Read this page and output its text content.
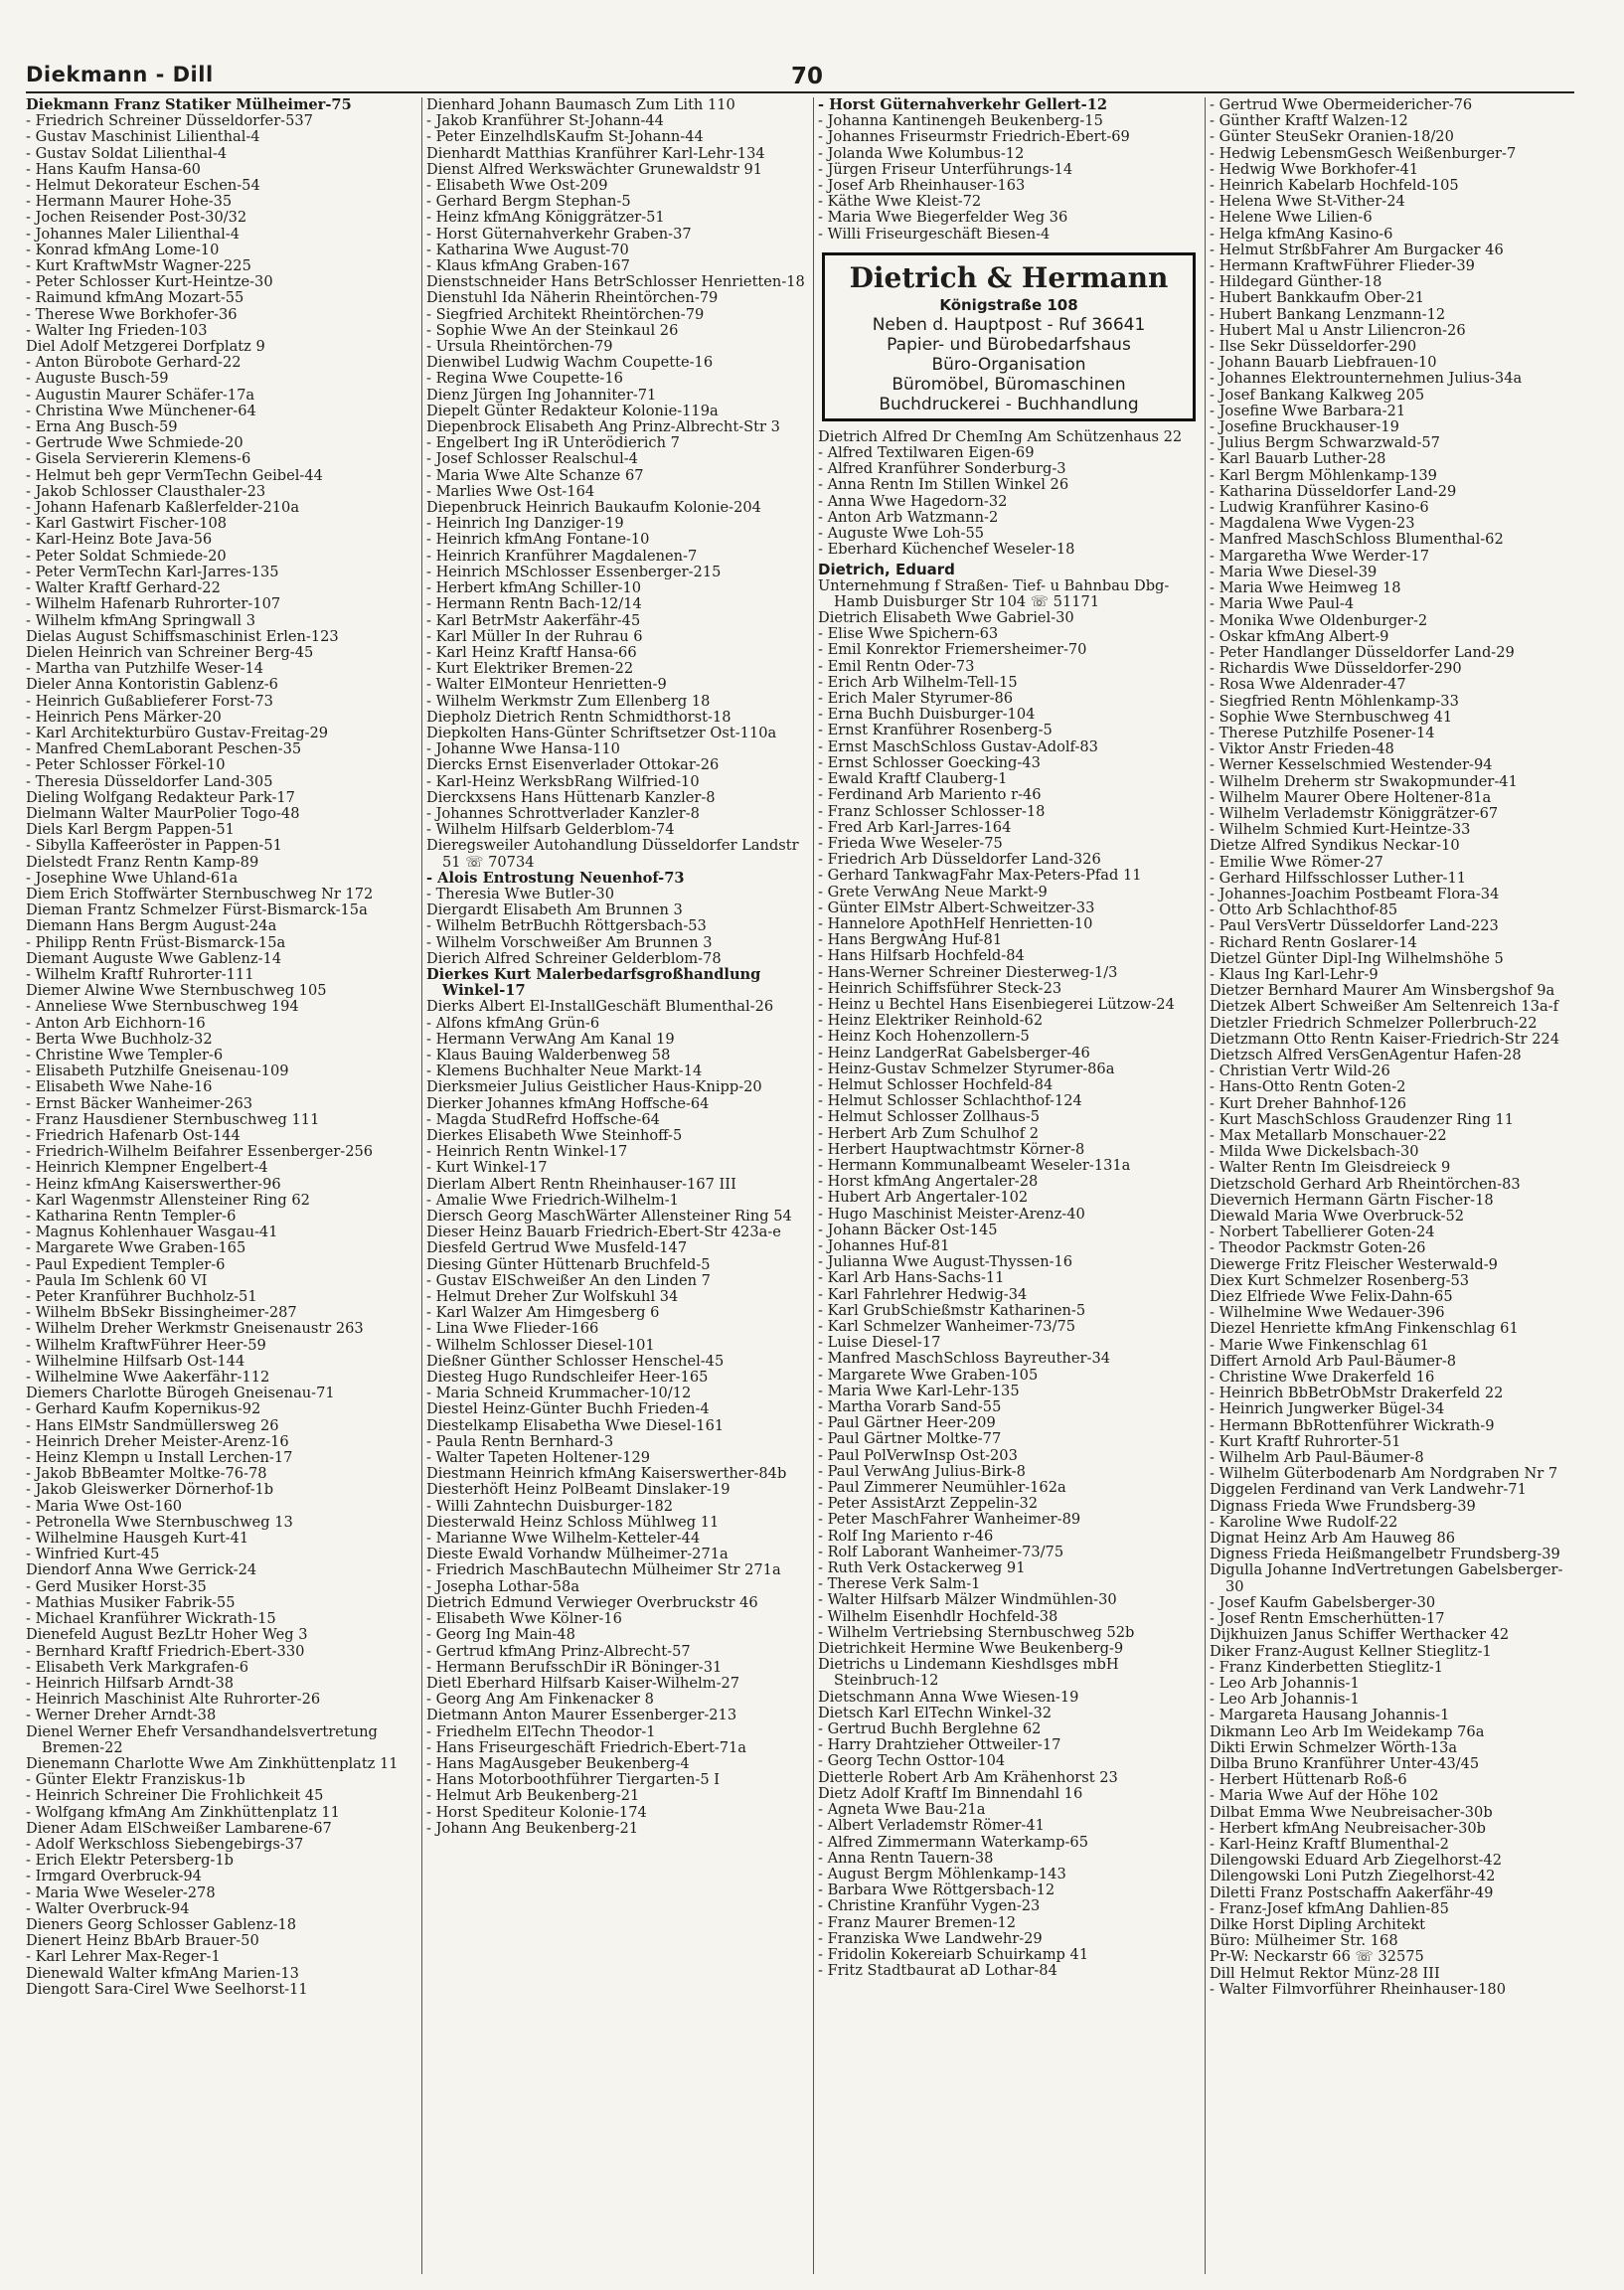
Diekmann - Dill	70
Diekmann Franz Statiker Mülheimer-75
- Friedrich Schreiner Düsseldorfer-537
- Gustav Maschinist Lilienthal-4
- Gustav Soldat Lilienthal-4
- Hans Kaufm Hansa-60
- Helmut Dekorateur Eschen-54
- Hermann Maurer Hohe-35
- Jochen Reisender Post-30/32
- Johannes Maler Lilienthal-4
- Konrad kfmAng Lome-10
- Kurt KraftwMstr Wagner-225
- Peter Schlosser Kurt-Heintze-30
- Raimund kfmAng Mozart-55
- Therese Wwe Borkhofer-36
- Walter Ing Frieden-103
Diel Adolf Metzgerei Dorfplatz 9
- Anton Bürobote Gerhard-22
- Auguste Busch-59
- Augustin Maurer Schäfer-17a
- Christina Wwe Münchener-64
- Erna Ang Busch-59
- Gertrude Wwe Schmiede-20
- Gisela Serviererin Klemens-6
- Helmut beh gepr VermTechn Geibel-44
- Jakob Schlosser Clausthaler-23
- Johann Hafenarb Kaßlerfelder-210a
- Karl Gastwirt Fischer-108
- Karl-Heinz Bote Java-56
- Peter Soldat Schmiede-20
- Peter VermTechn Karl-Jarres-135
- Walter Kraftf Gerhard-22
- Wilhelm Hafenarb Ruhrorter-107
- Wilhelm kfmAng Springwall 3
Dielas August Schiffsmaschinist Erlen-123
Dielen Heinrich van Schreiner Berg-45
- Martha van Putzhilfe Weser-14
Dieler Anna Kontoristin Gablenz-6
- Heinrich Gußablieferer Forst-73
- Heinrich Pens Märker-20
- Karl Architekturbüro Gustav-Freitag-29
- Manfred ChemLaborant Peschen-35
- Peter Schlosser Förkel-10
- Theresia Düsseldorfer Land-305
Dieling Wolfgang Redakteur Park-17
Dielmann Walter MaurPolier Togo-48
Diels Karl Bergm Pappen-51
- Sibylla Kaffeeröster in Pappen-51
Dielstedt Franz Rentn Kamp-89
- Josephine Wwe Uhland-61a
Diem Erich Stoffwärter Sternbuschweg Nr 172
Dieman Frantz Schmelzer Fürst-Bismarck-15a
Diemann Hans Bergm August-24a
- Philipp Rentn Früst-Bismarck-15a
Diemant Auguste Wwe Gablenz-14
- Wilhelm Kraftf Ruhrorter-111
Diemer Alwine Wwe Sternbuschweg 105
- Anneliese Wwe Sternbuschweg 194
- Anton Arb Eichhorn-16
- Berta Wwe Buchholz-32
- Christine Wwe Templer-6
- Elisabeth Putzhilfe Gneisenau-109
- Elisabeth Wwe Nahe-16
- Ernst Bäcker Wanheimer-263
- Franz Hausdiener Sternbuschweg 111
- Friedrich Hafenarb Ost-144
- Friedrich-Wilhelm Beifahrer Essenberger-256
- Heinrich Klempner Engelbert-4
- Heinz kfmAng Kaiserswerther-96
- Karl Wagenmstr Allensteiner Ring 62
- Katharina Rentn Templer-6
- Magnus Kohlenhauer Wasgau-41
- Margarete Wwe Graben-165
- Paul Expedient Templer-6
- Paula Im Schlenk 60 VI
- Peter Kranführer Buchholz-51
- Wilhelm BbSekr Bissingheimer-287
- Wilhelm Dreher Werkmstr Gneisenaustr 263
- Wilhelm KraftwFührer Heer-59
- Wilhelmine Hilfsarb Ost-144
- Wilhelmine Wwe Aakerfähr-112
Diemers Charlotte Bürogeh Gneisenau-71
- Gerhard Kaufm Kopernikus-92
- Hans ElMstr Sandmüllersweg 26
- Heinrich Dreher Meister-Arenz-16
- Heinz Klempn u Install Lerchen-17
- Jakob BbBeamter Moltke-76-78
- Jakob Gleiswerker Dörnerhof-1b
- Maria Wwe Ost-160
- Petronella Wwe Sternbuschweg 13
- Wilhelmine Hausgeh Kurt-41
- Winfried Kurt-45
Diendorf Anna Wwe Gerrick-24
- Gerd Musiker Horst-35
- Mathias Musiker Fabrik-55
- Michael Kranführer Wickrath-15
Dienefeld August BezLtr Hoher Weg 3
- Bernhard Kraftf Friedrich-Ebert-330
- Elisabeth Verk Markgrafen-6
- Heinrich Hilfsarb Arndt-38
- Heinrich Maschinist Alte Ruhrorter-26
- Werner Dreher Arndt-38
Dienel Werner Ehefr Versandhandelsvertretung Bremen-22
Dienemann Charlotte Wwe Am Zinkhüttenplatz 11
- Günter Elektr Franziskus-1b
- Heinrich Schreiner Die Frohlichkeit 45
- Wolfgang kfmAng Am Zinkhüttenplatz 11
Diener Adam ElSchweißer Lambarene-67
- Adolf Werkschloss Siebengebirgs-37
- Erich Elektr Petersberg-1b
- Irmgard Overbruck-94
- Maria Wwe Weseler-278
- Walter Overbruck-94
Dieners Georg Schlosser Gablenz-18
Dienert Heinz BbArb Brauer-50
- Karl Lehrer Max-Reger-1
Dienewald Walter kfmAng Marien-13
Diengott Sara-Cirel Wwe Seelhorst-11
Dienhard Johann Baumasch Zum Lith 110
- Jakob Kranführer St-Johann-44
- Peter EinzelhdlsKaufm St-Johann-44
Dienhardt Matthias Kranführer Karl-Lehr-134
Dienst Alfred Werkswächter Grunewaldstr 91
- Elisabeth Wwe Ost-209
- Gerhard Bergm Stephan-5
- Heinz kfmAng Königgrätzer-51
- Horst Güternahverkehr Graben-37
- Katharina Wwe August-70
- Klaus kfmAng Graben-167
Dienstschneider Hans BetrSchlosser Henrietten-18
Dienstuhl Ida Näherin Rheintörchen-79
- Siegfried Architekt Rheintörchen-79
- Sophie Wwe An der Steinkaul 26
- Ursula Rheintörchen-79
Dienwibel Ludwig Wachm Coupette-16
- Regina Wwe Coupette-16
Dienz Jürgen Ing Johanniter-71
Diepelt Günter Redakteur Kolonie-119a
Diepenbrock Elisabeth Ang Prinz-Albrecht-Str 3
- Engelbert Ing iR Unterödierich 7
- Josef Schlosser Realschul-4
- Maria Wwe Alte Schanze 67
- Marlies Wwe Ost-164
Diepenbruck Heinrich Baukaufm Kolonie-204
- Heinrich Ing Danziger-19
- Heinrich kfmAng Fontane-10
- Heinrich Kranführer Magdalenen-7
- Heinrich MSchlosser Essenberger-215
- Herbert kfmAng Schiller-10
- Hermann Rentn Bach-12/14
- Karl BetrMstr Aakerfähr-45
- Karl Müller In der Ruhrau 6
- Karl Heinz Kraftf Hansa-66
- Kurt Elektriker Bremen-22
- Walter ElMonteur Henrietten-9
- Wilhelm Werkmstr Zum Ellenberg 18
Diepholz Dietrich Rentn Schmidthorst-18
Diepkolten Hans-Günter Schriftsetzer Ost-110a
- Johanne Wwe Hansa-110
Diercks Ernst Eisenverlader Ottokar-26
- Karl-Heinz WerksbRang Wilfried-10
Dierckxsens Hans Hüttenarb Kanzler-8
- Johannes Schrottverlader Kanzler-8
- Wilhelm Hilfsarb Gelderblom-74
Dieregsweiler Autohandlung Düsseldorfer Landstr 51 ☏ 70734
- Alois Entrostung Neuenhof-73
- Theresia Wwe Butler-30
Diergardt Elisabeth Am Brunnen 3
- Wilhelm BetrBuchh Röttgersbach-53
- Wilhelm Vorschweißer Am Brunnen 3
Dierich Alfred Schreiner Gelderblom-78
Dierkes Kurt Malerbedarfsgroßhandlung Winkel-17
Dierks Albert El-InstallGeschäft Blumenthal-26
- Alfons kfmAng Grün-6
- Hermann VerwAng Am Kanal 19
- Klaus Bauing Walderbenweg 58
- Klemens Buchhalter Neue Markt-14
Dierksmeier Julius Geistlicher Haus-Knipp-20
Dierker Johannes kfmAng Hoffsche-64
- Magda StudRefrd Hoffsche-64
Dierkes Elisabeth Wwe Steinhoff-5
- Heinrich Rentn Winkel-17
- Kurt Winkel-17
Dierlam Albert Rentn Rheinhauser-167 III
- Amalie Wwe Friedrich-Wilhelm-1
Diersch Georg MaschWärter Allensteiner Ring 54
Dieser Heinz Bauarb Friedrich-Ebert-Str 423a-e
Diesfeld Gertrud Wwe Musfeld-147
Diesing Günter Hüttenarb Bruchfeld-5
- Gustav ElSchweißer An den Linden 7
- Helmut Dreher Zur Wolfskuhl 34
- Karl Walzer Am Himgesberg 6
- Lina Wwe Flieder-166
- Wilhelm Schlosser Diesel-101
Dießner Günther Schlosser Henschel-45
Diesteg Hugo Rundschleifer Heer-165
- Maria Schneid Krummacher-10/12
Diestel Heinz-Günter Buchh Frieden-4
Diestelkamp Elisabetha Wwe Diesel-161
- Paula Rentn Bernhard-3
- Walter Tapeten Holtener-129
Diestmann Heinrich kfmAng Kaiserswerther-84b
Diesterhöft Heinz PolBeamt Dinslaker-19
- Willi Zahntechn Duisburger-182
Diesterwald Heinz Schloss Mühlweg 11
- Marianne Wwe Wilhelm-Ketteler-44
Dieste Ewald Vorhandw Mülheimer-271a
- Friedrich MaschBautechn Mülheimer Str 271a
- Josepha Lothar-58a
Dietrich Edmund Verwieger Overbruckstr 46
- Elisabeth Wwe Kölner-16
- Georg Ing Main-48
- Gertrud kfmAng Prinz-Albrecht-57
- Hermann BerufsschDir iR Böninger-31
Dietl Eberhard Hilfsarb Kaiser-Wilhelm-27
- Georg Ang Am Finkenacker 8
Dietmann Anton Maurer Essenberger-213
- Friedhelm ElTechn Theodor-1
- Hans Friseurgeschäft Friedrich-Ebert-71a
- Hans MagAusgeber Beukenberg-4
- Hans Motorboothführer Tiergarten-5 I
- Helmut Arb Beukenberg-21
- Horst Spediteur Kolonie-174
- Johann Ang Beukenberg-21
- Horst Güternahverkehr Gellert-12
- Johanna Kantinengeh Beukenberg-15
- Johannes Friseurmstr Friedrich-Ebert-69
- Jolanda Wwe Kolumbus-12
- Jürgen Friseur Unterführungs-14
- Josef Arb Rheinhauser-163
- Käthe Wwe Kleist-72
- Maria Wwe Biegerfelder Weg 36
- Willi Friseurgeschäft Biesen-4
Dietrich & Hermann
Königstraße 108
Neben d. Hauptpost - Ruf 36641
Papier- und Bürobedarfshaus
Büro-Organisation
Büromöbel, Büromaschinen
Buchdruckerei - Buchhandlung
Dietrich Alfred Dr ChemIng Am Schützenhaus 22
- Alfred Textilwaren Eigen-69
- Alfred Kranführer Sonderburg-3
- Anna Rentn Im Stillen Winkel 26
- Anna Wwe Hagedorn-32
- Anton Arb Watzmann-2
- Auguste Wwe Loh-55
- Eberhard Küchenchef Weseler-18
Dietrich, Eduard
Unternehmung f Straßen- Tief- u Bahnbau Dbg-Hamb Duisburger Str 104 ☏ 51171
Dietrich Elisabeth Wwe Gabriel-30
- Elise Wwe Spichern-63
- Emil Konrektor Friemersheimer-70
- Emil Rentn Oder-73
- Erich Arb Wilhelm-Tell-15
- Erich Maler Styrumer-86
- Erna Buchh Duisburger-104
- Ernst Kranführer Rosenberg-5
- Ernst MaschSchloss Gustav-Adolf-83
- Ernst Schlosser Goecking-43
- Ewald Kraftf Clauberg-1
- Ferdinand Arb Mariento r-46
- Franz Schlosser Schlosser-18
- Fred Arb Karl-Jarres-164
- Frieda Wwe Weseler-75
- Friedrich Arb Düsseldorfer Land-326
- Gerhard TankwagFahr Max-Peters-Pfad 11
- Grete VerwAng Neue Markt-9
- Günter ElMstr Albert-Schweitzer-33
- Hannelore ApothHelf Henrietten-10
- Hans BergwAng Huf-81
- Hans Hilfsarb Hochfeld-84
- Hans-Werner Schreiner Diesterweg-1/3
- Heinrich Schiffsführer Steck-23
- Heinz u Bechtel Hans Eisenbiegerei Lützow-24
- Heinz Elektriker Reinhold-62
- Heinz Koch Hohenzollern-5
- Heinz LandgerRat Gabelsberger-46
- Heinz-Gustav Schmelzer Styrumer-86a
- Helmut Schlosser Hochfeld-84
- Helmut Schlosser Schlachthof-124
- Helmut Schlosser Zollhaus-5
- Herbert Arb Zum Schulhof 2
- Herbert Hauptwachtmstr Körner-8
- Hermann Kommunalbeamt Weseler-131a
- Horst kfmAng Angertaler-28
- Hubert Arb Angertaler-102
- Hugo Maschinist Meister-Arenz-40
- Johann Bäcker Ost-145
- Johannes Huf-81
- Julianna Wwe August-Thyssen-16
- Karl Arb Hans-Sachs-11
- Karl Fahrlehrer Hedwig-34
- Karl GrubSchießmstr Katharinen-5
- Karl Schmelzer Wanheimer-73/75
- Luise Diesel-17
- Manfred MaschSchloss Bayreuther-34
- Margarete Wwe Graben-105
- Maria Wwe Karl-Lehr-135
- Martha Vorarb Sand-55
- Paul Gärtner Heer-209
- Paul Gärtner Moltke-77
- Paul PolVerwInsp Ost-203
- Paul VerwAng Julius-Birk-8
- Paul Zimmerer Neumühler-162a
- Peter AssistArzt Zeppelin-32
- Peter MaschFahrer Wanheimer-89
- Rolf Ing Mariento r-46
- Rolf Laborant Wanheimer-73/75
- Ruth Verk Ostackerweg 91
- Therese Verk Salm-1
- Walter Hilfsarb Mälzer Windmühlen-30
- Wilhelm Eisenhdlr Hochfeld-38
- Wilhelm Vertriebsing Sternbuschweg 52b
Dietrichkeit Hermine Wwe Beukenberg-9
Dietrichs u Lindemann Kieshdlsges mbH Steinbruch-12
Dietschmann Anna Wwe Wiesen-19
Dietsch Karl ElTechn Winkel-32
- Gertrud Buchh Berglehne 62
- Harry Drahtzieher Ottweiler-17
- Georg Techn Osttor-104
Dietterle Robert Arb Am Krähenhorst 23
Dietz Adolf Kraftf Im Binnendahl 16
- Agneta Wwe Bau-21a
- Albert Verlademstr Römer-41
- Alfred Zimmermann Waterkamp-65
- Anna Rentn Tauern-38
- August Bergm Möhlenkamp-143
- Barbara Wwe Röttgersbach-12
- Christine Kranführ Vygen-23
- Franz Maurer Bremen-12
- Franziska Wwe Landwehr-29
- Fridolin Kokereiarb Schuirkamp 41
- Fritz Stadtbaurat aD Lothar-84
- Gertrud Wwe Obermeidericher-76
- Günther Kraftf Walzen-12
- Günter SteuSekr Oranien-18/20
- Hedwig LebensmGesch Weißenburger-7
- Hedwig Wwe Borkhofer-41
- Heinrich Kabelarb Hochfeld-105
- Helena Wwe St-Vither-24
- Helene Wwe Lilien-6
- Helga kfmAng Kasino-6
- Helmut StrßbFahrer Am Burgacker 46
- Hermann KraftwFührer Flieder-39
- Hildegard Günther-18
- Hubert Bankkaufm Ober-21
- Hubert Bankang Lenzmann-12
- Hubert Mal u Anstr Liliencron-26
- Ilse Sekr Düsseldorfer-290
- Johann Bauarb Liebfrauen-10
- Johannes Elektrounternehmen Julius-34a
- Josef Bankang Kalkweg 205
- Josefine Wwe Barbara-21
- Josefine Bruckhauser-19
- Julius Bergm Schwarzwald-57
- Karl Bauarb Luther-28
- Karl Bergm Möhlenkamp-139
- Katharina Düsseldorfer Land-29
- Ludwig Kranführer Kasino-6
- Magdalena Wwe Vygen-23
- Manfred MaschSchloss Blumenthal-62
- Margaretha Wwe Werder-17
- Maria Wwe Diesel-39
- Maria Wwe Heimweg 18
- Maria Wwe Paul-4
- Monika Wwe Oldenburger-2
- Oskar kfmAng Albert-9
- Peter Handlanger Düsseldorfer Land-29
- Richardis Wwe Düsseldorfer-290
- Rosa Wwe Aldenrader-47
- Siegfried Rentn Möhlenkamp-33
- Sophie Wwe Sternbuschweg 41
- Therese Putzhilfe Posener-14
- Viktor Anstr Frieden-48
- Werner Kesselschmied Westender-94
- Wilhelm Dreherm str Swakopmunder-41
- Wilhelm Maurer Obere Holtener-81a
- Wilhelm Verlademstr Königgrätzer-67
- Wilhelm Schmied Kurt-Heintze-33
Dietze Alfred Syndikus Neckar-10
- Emilie Wwe Römer-27
- Gerhard Hilfsschlosser Luther-11
- Johannes-Joachim Postbeamt Flora-34
- Otto Arb Schlachthof-85
- Paul VersVertr Düsseldorfer Land-223
- Richard Rentn Goslarer-14
Dietzel Günter Dipl-Ing Wilhelmshöhe 5
- Klaus Ing Karl-Lehr-9
Dietzer Bernhard Maurer Am Winsbergshof 9a
Dietzek Albert Schweißer Am Seltenreich 13a-f
Dietzler Friedrich Schmelzer Pollerbruch-22
Dietzmann Otto Rentn Kaiser-Friedrich-Str 224
Dietzsch Alfred VersGenAgentur Hafen-28
- Christian Vertr Wild-26
- Hans-Otto Rentn Goten-2
- Kurt Dreher Bahnhof-126
- Kurt MaschSchloss Graudenzer Ring 11
- Max Metallarb Monschauer-22
- Milda Wwe Dickelsbach-30
- Walter Rentn Im Gleisdreieck 9
Dietzschold Gerhard Arb Rheintörchen-83
Dievernich Hermann Gärtn Fischer-18
Diewald Maria Wwe Overbruck-52
- Norbert Tabellierer Goten-24
- Theodor Packmstr Goten-26
Diewerge Fritz Fleischer Westerwald-9
Diex Kurt Schmelzer Rosenberg-53
Diez Elfriede Wwe Felix-Dahn-65
- Wilhelmine Wwe Wedauer-396
Diezel Henriette kfmAng Finkenschlag 61
- Marie Wwe Finkenschlag 61
Differt Arnold Arb Paul-Bäumer-8
- Christine Wwe Drakerfeld 16
- Heinrich BbBetrObMstr Drakerfeld 22
- Heinrich Jungwerker Bügel-34
- Hermann BbRottenführer Wickrath-9
- Kurt Kraftf Ruhrorter-51
- Wilhelm Arb Paul-Bäumer-8
- Wilhelm Güterbodenarb Am Nordgraben Nr 7
Diggelen Ferdinand van Verk Landwehr-71
Dignass Frieda Wwe Frundsberg-39
- Karoline Wwe Rudolf-22
Dignat Heinz Arb Am Hauweg 86
Digness Frieda Heißmangelbetr Frundsberg-39
Digulla Johanne IndVertretungen Gabelsberger-30
- Josef Kaufm Gabelsberger-30
- Josef Rentn Emscherhütten-17
Dijkhuizen Janus Schiffer Werthacker 42
Diker Franz-August Kellner Stieglitz-1
- Franz Kinderbetten Stieglitz-1
- Leo Arb Johannis-1
- Leo Arb Johannis-1
- Margareta Hausang Johannis-1
Dikmann Leo Arb Im Weidekamp 76a
Dikti Erwin Schmelzer Wörth-13a
Dilba Bruno Kranführer Unter-43/45
- Herbert Hüttenarb Roß-6
- Maria Wwe Auf der Höhe 102
Dilbat Emma Wwe Neubreisacher-30b
- Herbert kfmAng Neubreisacher-30b
- Karl-Heinz Kraftf Blumenthal-2
Dilengowski Eduard Arb Ziegelhorst-42
Dilengowski Loni Putzh Ziegelhorst-42
Diletti Franz Postschaffn Aakerfähr-49
- Franz-Josef kfmAng Dahlien-85
Dilke Horst Dipling Architekt
Büro: Mülheimer Str. 168
Pr-W: Neckarstr 66 ☏ 32575
Dill Helmut Rektor Münz-28 III
- Walter Filmvorführer Rheinhauser-180
